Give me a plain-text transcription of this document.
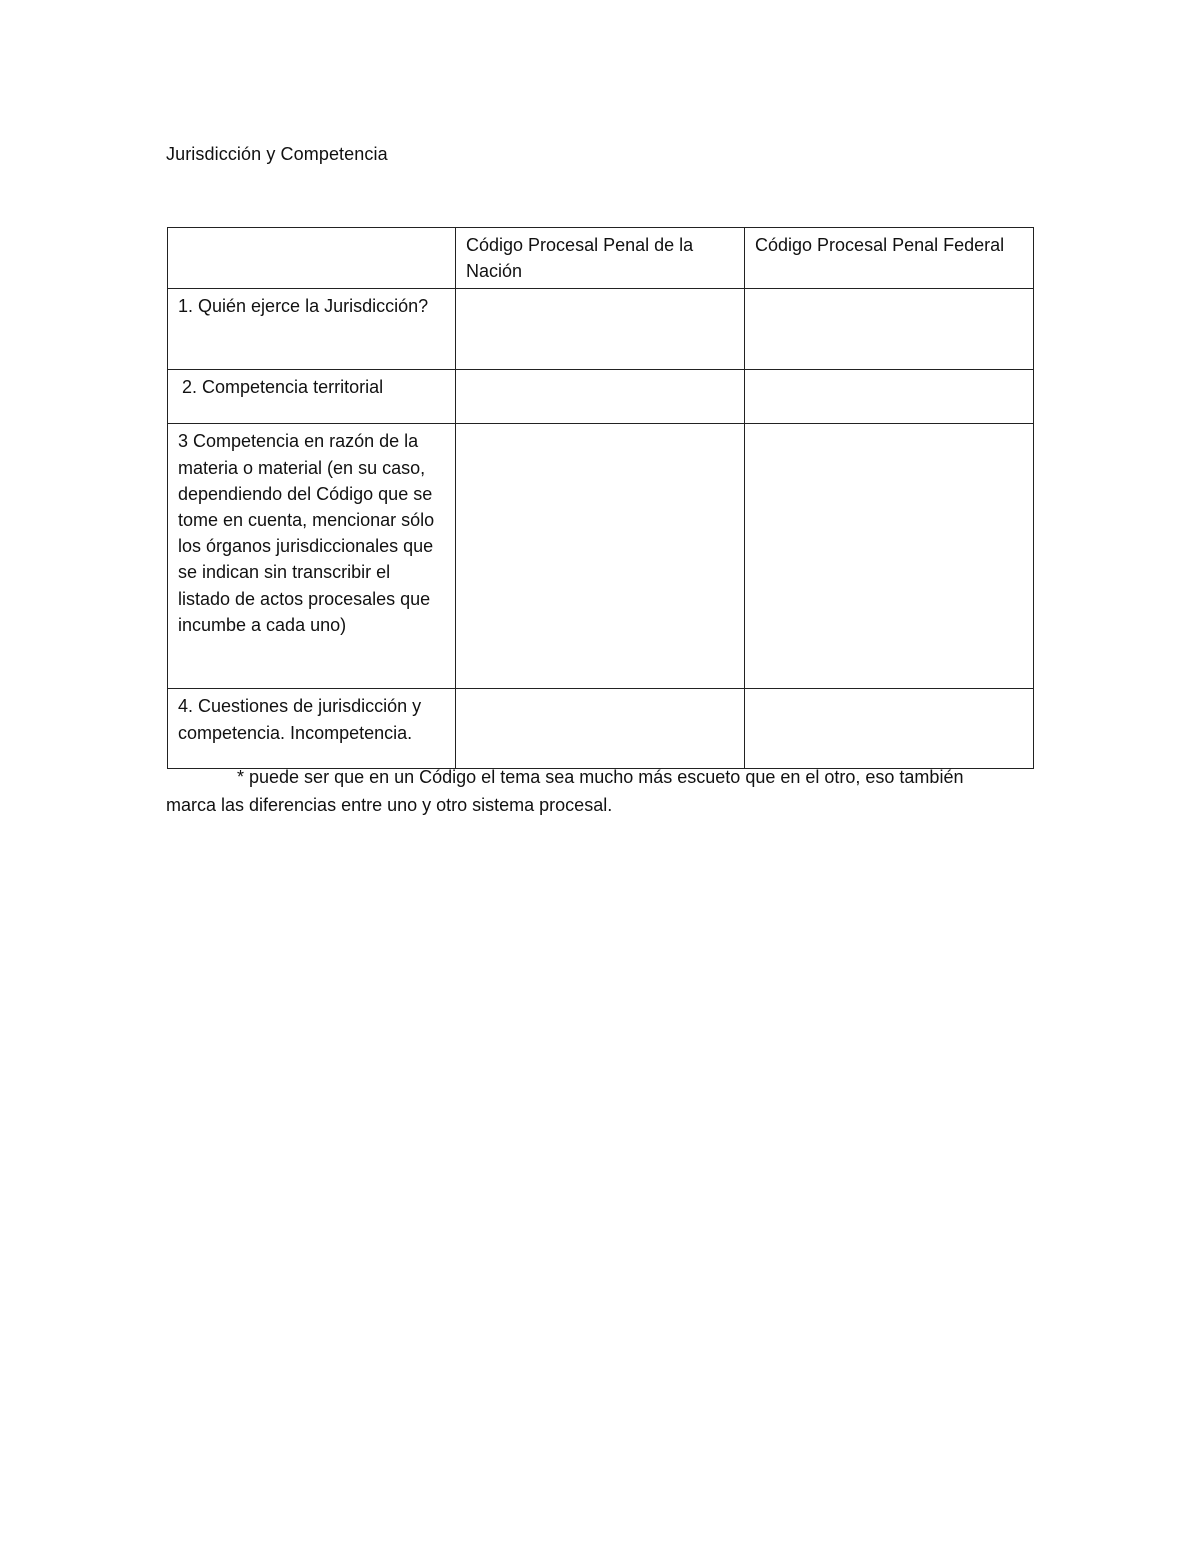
Jurisdicción y Competencia
	Código Procesal Penal de la Nación	Código Procesal Penal Federal
1. Quién ejerce la Jurisdicción?		
2. Competencia territorial		
3 Competencia en razón de la materia o material (en su caso, dependiendo del Código que se tome en cuenta, mencionar sólo los órganos jurisdiccionales que se indican sin transcribir el listado de actos procesales que incumbe a cada uno)		
4. Cuestiones de jurisdicción y competencia. Incompetencia.		
* puede ser que en un Código el tema sea mucho más escueto que en el otro, eso también
marca las diferencias entre uno y otro sistema procesal.
